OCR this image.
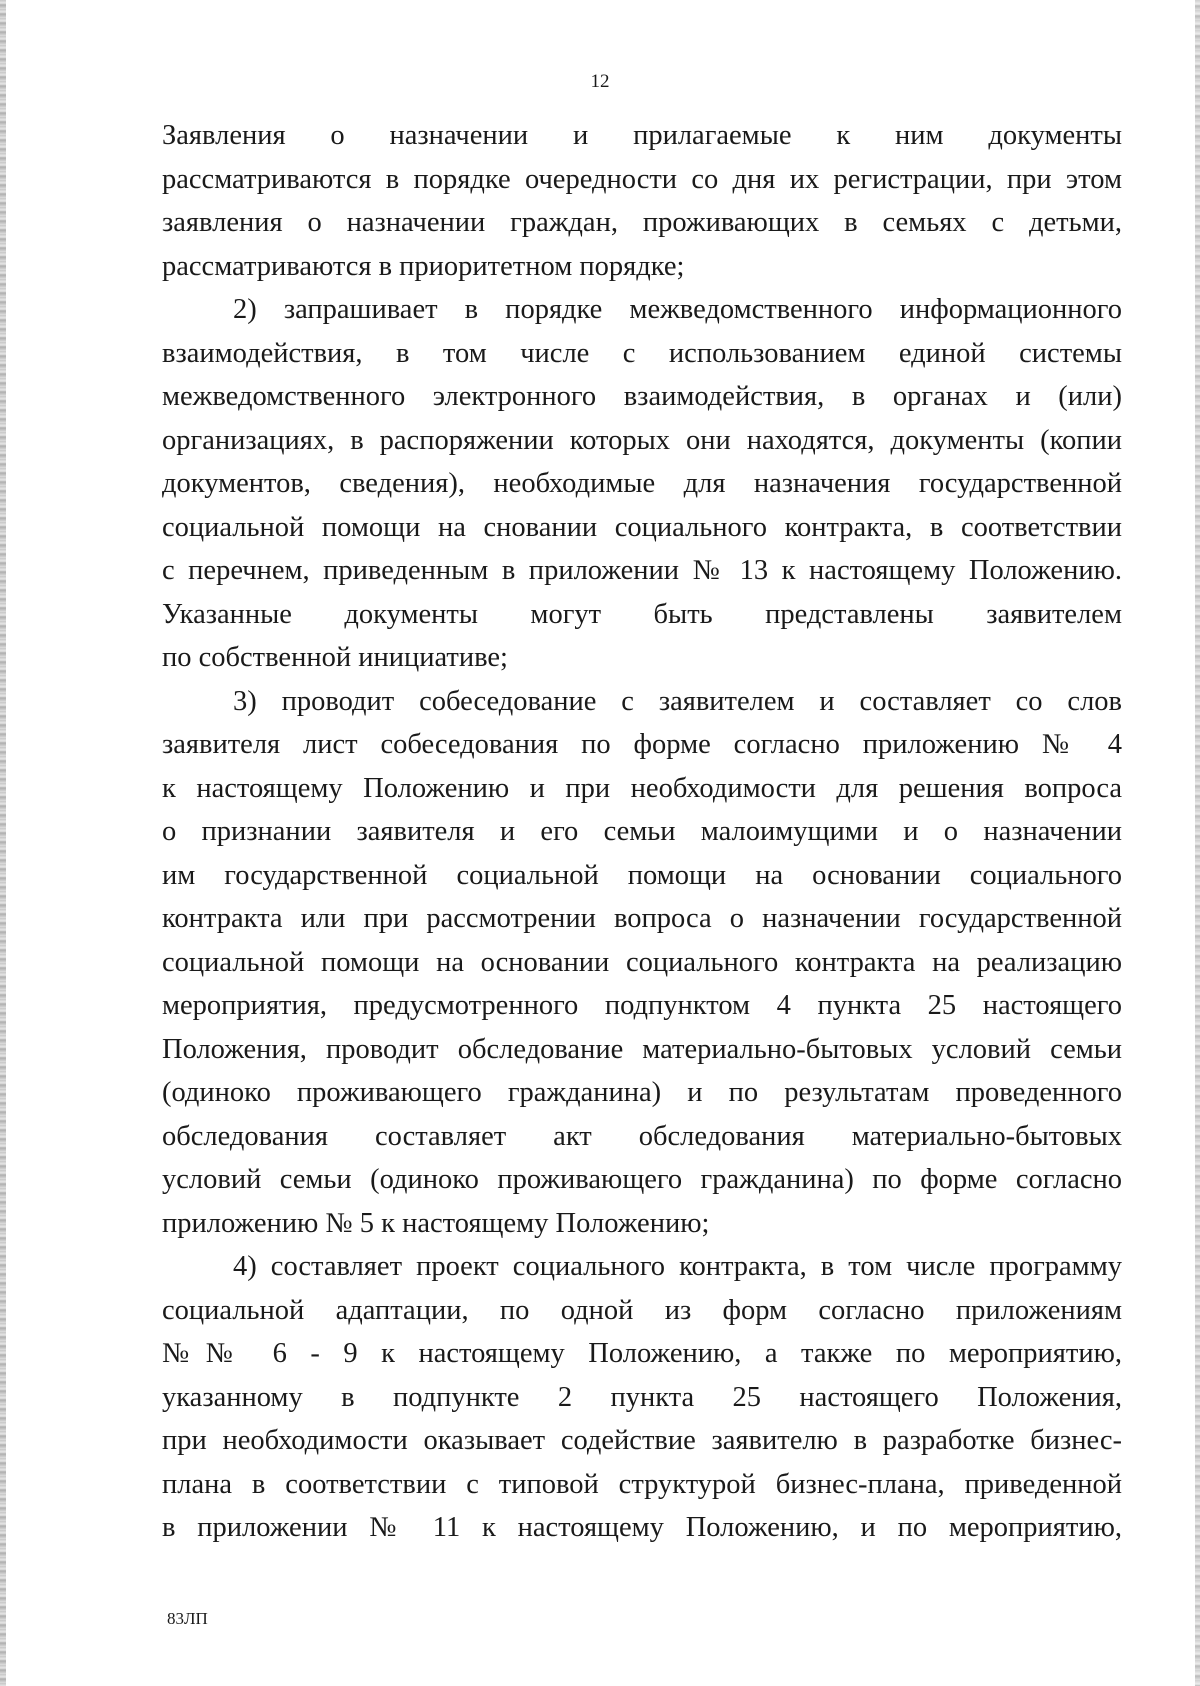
12
Заявления о назначении и прилагаемые к ним документы
рассматриваются в порядке очередности со дня их регистрации, при этом
заявления о назначении граждан, проживающих в семьях с детьми,
рассматриваются в приоритетном порядке;
2) запрашивает в порядке межведомственного информационного
взаимодействия, в том числе с использованием единой системы
межведомственного электронного взаимодействия, в органах и (или)
организациях, в распоряжении которых они находятся, документы (копии
документов, сведения), необходимые для назначения государственной
социальной помощи на сновании социального контракта, в соответствии
с перечнем, приведенным в приложении № 13 к настоящему Положению.
Указанные документы могут быть представлены заявителем
по собственной инициативе;
3) проводит собеседование с заявителем и составляет со слов
заявителя лист собеседования по форме согласно приложению № 4
к настоящему Положению и при необходимости для решения вопроса
о признании заявителя и его семьи малоимущими и о назначении
им государственной социальной помощи на основании социального
контракта или при рассмотрении вопроса о назначении государственной
социальной помощи на основании социального контракта на реализацию
мероприятия, предусмотренного подпунктом 4 пункта 25 настоящего
Положения, проводит обследование материально-бытовых условий семьи
(одиноко проживающего гражданина) и по результатам проведенного
обследования составляет акт обследования материально-бытовых
условий семьи (одиноко проживающего гражданина) по форме согласно
приложению № 5 к настоящему Положению;
4) составляет проект социального контракта, в том числе программу
социальной адаптации, по одной из форм согласно приложениям
№№ 6 - 9 к настоящему Положению, а также по мероприятию,
указанному в подпункте 2 пункта 25 настоящего Положения,
при необходимости оказывает содействие заявителю в разработке бизнес-
плана в соответствии с типовой структурой бизнес-плана, приведенной
в приложении № 11 к настоящему Положению, и по мероприятию,
83ЛП
